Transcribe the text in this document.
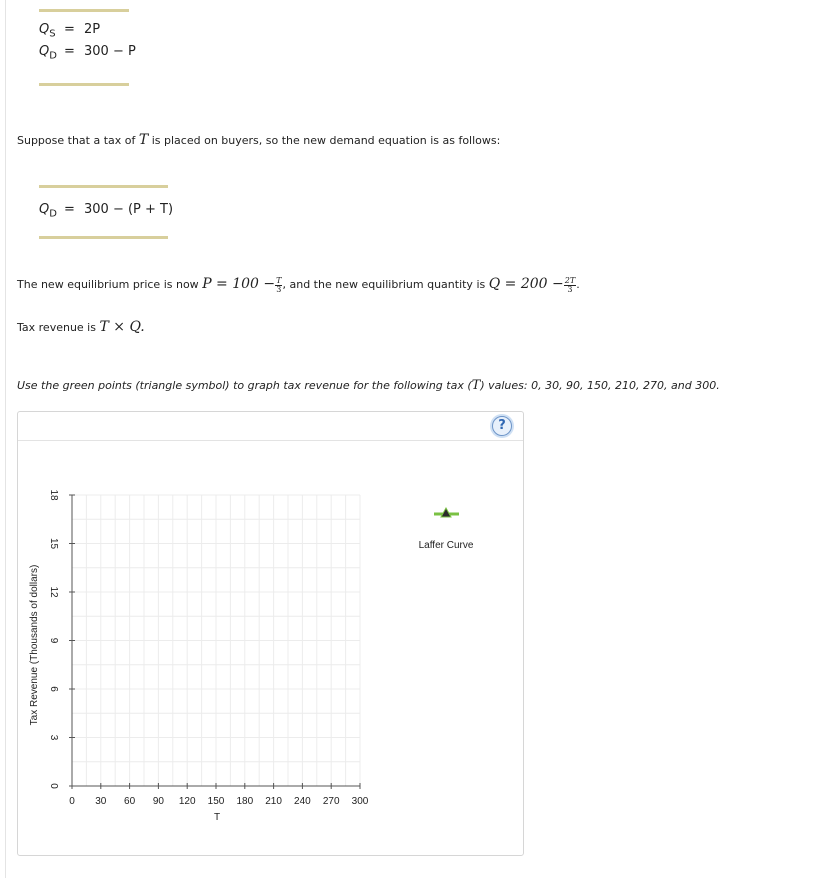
$Q_S = 2P$
$Q_D = 300 - P$
Suppose that a tax of T is placed on buyers, so the new demand equation is as follows:
$Q_D = 300 - (P + T)$
The new equilibrium price is now $P = 100 - \frac{T}{3}$ , and the new equilibrium quantity is $Q = 200 - \frac{2T}{3}$ .
Tax revenue is T × Q.
Use the green points (triangle symbol) to graph tax revenue for the following tax (T) values: 0, 30, 90, 150, 210, 270, and 300.
?
0 30 60 90 120 150 180 210 240 270 300
0
3
6
9
12
15
18
Tax Revenue (Thousands of dollars)
T
Laffer Curve
